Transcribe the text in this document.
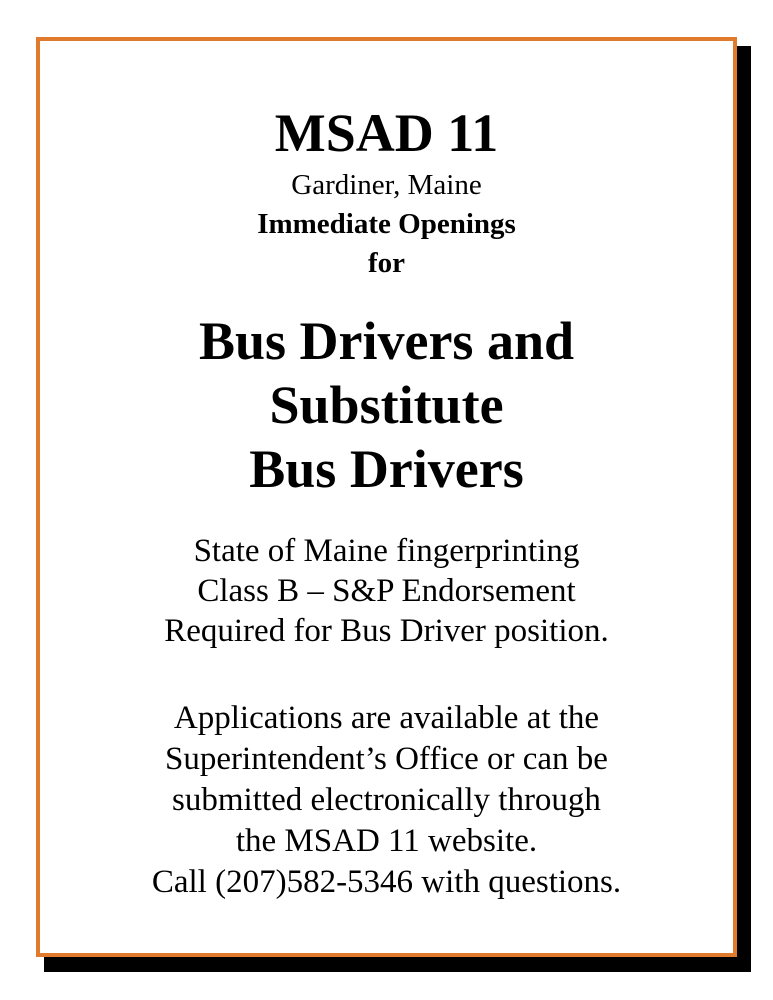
MSAD 11
Gardiner, Maine
Immediate Openings
for
Bus Drivers and
Substitute
Bus Drivers
State of Maine fingerprinting
Class B – S&P Endorsement
Required for Bus Driver position.
Applications are available at the
Superintendent’s Office or can be
submitted electronically through
the MSAD 11 website.
Call (207)582-5346 with questions.
